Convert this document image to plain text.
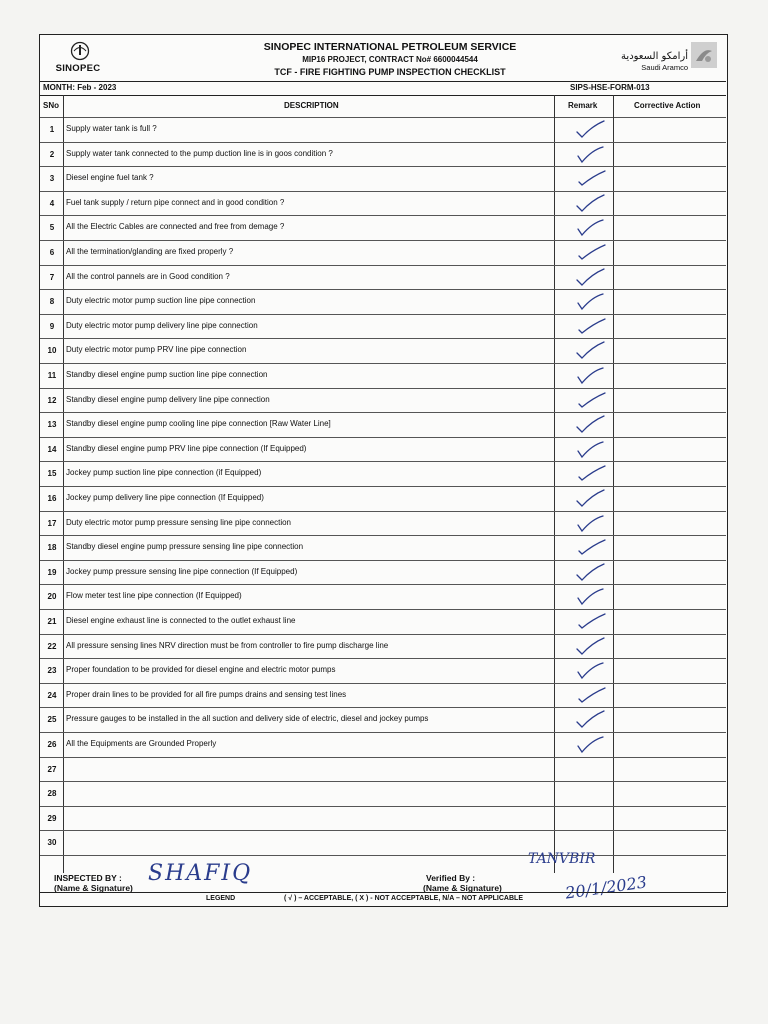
SINOPEC
SINOPEC INTERNATIONAL PETROLEUM SERVICE
MIP16 PROJECT, CONTRACT No# 6600044544
TCF - FIRE FIGHTING PUMP INSPECTION CHECKLIST
أرامكو السعودية
Saudi Aramco
MONTH: Feb - 2023	SIPS-HSE-FORM-013
SNo	DESCRIPTION	Remark	Corrective Action
1	Supply water tank is full ?
2	Supply water tank connected to the pump duction line is in goos condition ?
3	Diesel engine fuel tank ?
4	Fuel tank supply / return pipe connect and in good condition ?
5	All the Electric Cables are connected and free from demage ?
6	All the termination/glanding are fixed properly ?
7	All the control pannels are in Good condition ?
8	Duty electric motor pump suction line pipe connection
9	Duty electric motor pump delivery line pipe connection
10	Duty electric motor pump PRV line pipe connection
11	Standby diesel engine pump suction line pipe connection
12	Standby diesel engine pump delivery line pipe connection
13	Standby diesel engine pump cooling line pipe connection [Raw Water Line]
14	Standby diesel engine pump PRV line pipe connection (If Equipped)
15	Jockey pump suction line pipe connection (if Equipped)
16	Jockey pump delivery line pipe connection (If Equipped)
17	Duty electric motor pump pressure sensing line pipe connection
18	Standby diesel engine pump pressure sensing line pipe connection
19	Jockey pump pressure sensing line pipe connection (If Equipped)
20	Flow meter test line pipe connection (If Equipped)
21	Diesel engine exhaust line is connected to the outlet exhaust line
22	All pressure sensing lines NRV direction must be from controller to fire pump discharge line
23	Proper foundation to be provided for diesel engine and electric motor pumps
24	Proper drain lines to be provided for all fire pumps drains and sensing test lines
25	Pressure gauges to be installed in the all suction and delivery side of electric, diesel and jockey pumps
26	All the Equipments are Grounded Properly
27
28
29
30
INSPECTED BY :
(Name & Signature)
SHAFIQ	Verified By :
(Name & Signature)
TANVBIR
20/1/2023
LEGEND	( √ ) – ACCEPTABLE, ( X ) - NOT ACCEPTABLE, N/A – NOT APPLICABLE
